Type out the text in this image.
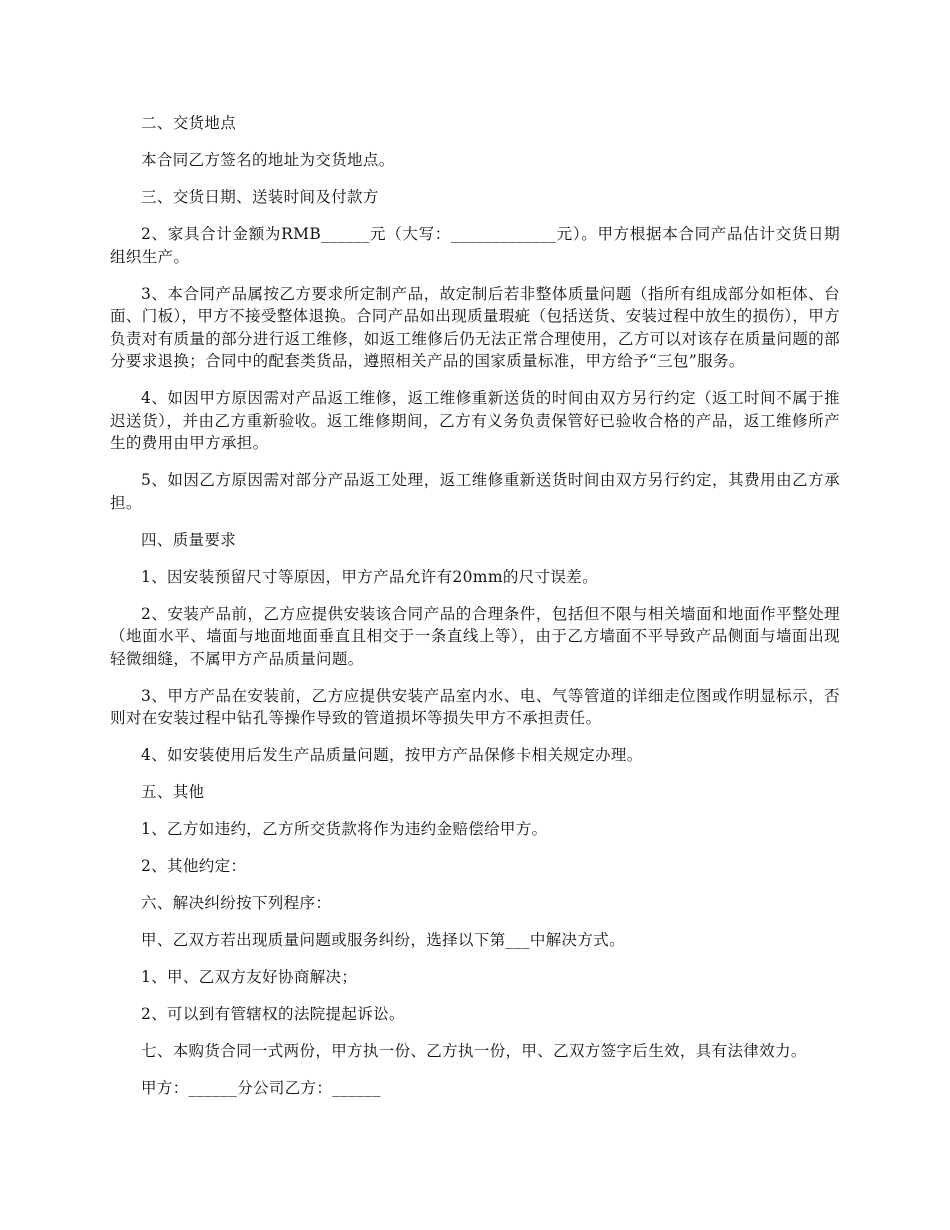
二、交货地点

本合同乙方签名的地址为交货地点。

三、交货日期、送装时间及付款方

2、家具合计金额为RMB______元（大写：_____________元）。甲方根据本合同产品估计交货日期组织生产。

3、本合同产品属按乙方要求所定制产品，故定制后若非整体质量问题（指所有组成部分如柜体、台面、门板），甲方不接受整体退换。合同产品如出现质量瑕疵（包括送货、安装过程中放生的损伤），甲方负责对有质量的部分进行返工维修，如返工维修后仍无法正常合理使用，乙方可以对该存在质量问题的部分要求退换；合同中的配套类货品，遵照相关产品的国家质量标准，甲方给予“三包”服务。

4、如因甲方原因需对产品返工维修，返工维修重新送货的时间由双方另行约定（返工时间不属于推迟送货），并由乙方重新验收。返工维修期间，乙方有义务负责保管好已验收合格的产品，返工维修所产生的费用由甲方承担。

5、如因乙方原因需对部分产品返工处理，返工维修重新送货时间由双方另行约定，其费用由乙方承担。

四、质量要求

1、因安装预留尺寸等原因，甲方产品允许有20mm的尺寸误差。

2、安装产品前，乙方应提供安装该合同产品的合理条件，包括但不限与相关墙面和地面作平整处理（地面水平、墙面与地面地面垂直且相交于一条直线上等），由于乙方墙面不平导致产品侧面与墙面出现轻微细缝，不属甲方产品质量问题。

3、甲方产品在安装前，乙方应提供安装产品室内水、电、气等管道的详细走位图或作明显标示，否则对在安装过程中钻孔等操作导致的管道损坏等损失甲方不承担责任。

4、如安装使用后发生产品质量问题，按甲方产品保修卡相关规定办理。

五、其他

1、乙方如违约，乙方所交货款将作为违约金赔偿给甲方。

2、其他约定：

六、解决纠纷按下列程序：

甲、乙双方若出现质量问题或服务纠纷，选择以下第___中解决方式。

1、甲、乙双方友好协商解决；

2、可以到有管辖权的法院提起诉讼。

七、本购货合同一式两份，甲方执一份、乙方执一份，甲、乙双方签字后生效，具有法律效力。

甲方：______分公司乙方：______
